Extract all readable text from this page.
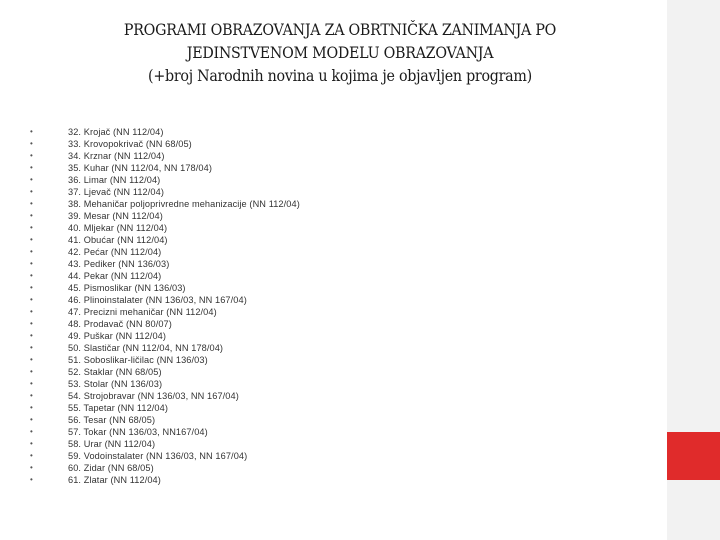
PROGRAMI OBRAZOVANJA ZA OBRTNIČKA ZANIMANJA PO
JEDINSTVENOM MODELU OBRAZOVANJA
(+broj Narodnih novina u kojima je objavljen program)
•	32. Krojač (NN 112/04)
•	33. Krovopokrivač (NN 68/05)
•	34. Krznar (NN 112/04)
•	35. Kuhar (NN 112/04, NN 178/04)
•	36. Limar (NN 112/04)
•	37. Ljevač (NN 112/04)
•	38. Mehaničar poljoprivredne mehanizacije (NN 112/04)
•	39. Mesar (NN 112/04)
•	40. Mljekar (NN 112/04)
•	41. Obućar (NN 112/04)
•	42. Pećar (NN 112/04)
•	43. Pediker (NN 136/03)
•	44. Pekar (NN 112/04)
•	45. Pismoslikar (NN 136/03)
•	46. Plinoinstalater (NN 136/03, NN 167/04)
•	47. Precizni mehaničar (NN 112/04)
•	48. Prodavač (NN 80/07)
•	49. Puškar (NN 112/04)
•	50. Slastičar (NN 112/04, NN 178/04)
•	51. Soboslikar-ličilac (NN 136/03)
•	52. Staklar (NN 68/05)
•	53. Stolar (NN 136/03)
•	54. Strojobravar (NN 136/03, NN 167/04)
•	55. Tapetar (NN 112/04)
•	56. Tesar (NN 68/05)
•	57. Tokar (NN 136/03, NN167/04)
•	58. Urar (NN 112/04)
•	59. Vodoinstalater (NN 136/03, NN 167/04)
•	60. Zidar (NN 68/05)
•	61. Zlatar (NN 112/04)
